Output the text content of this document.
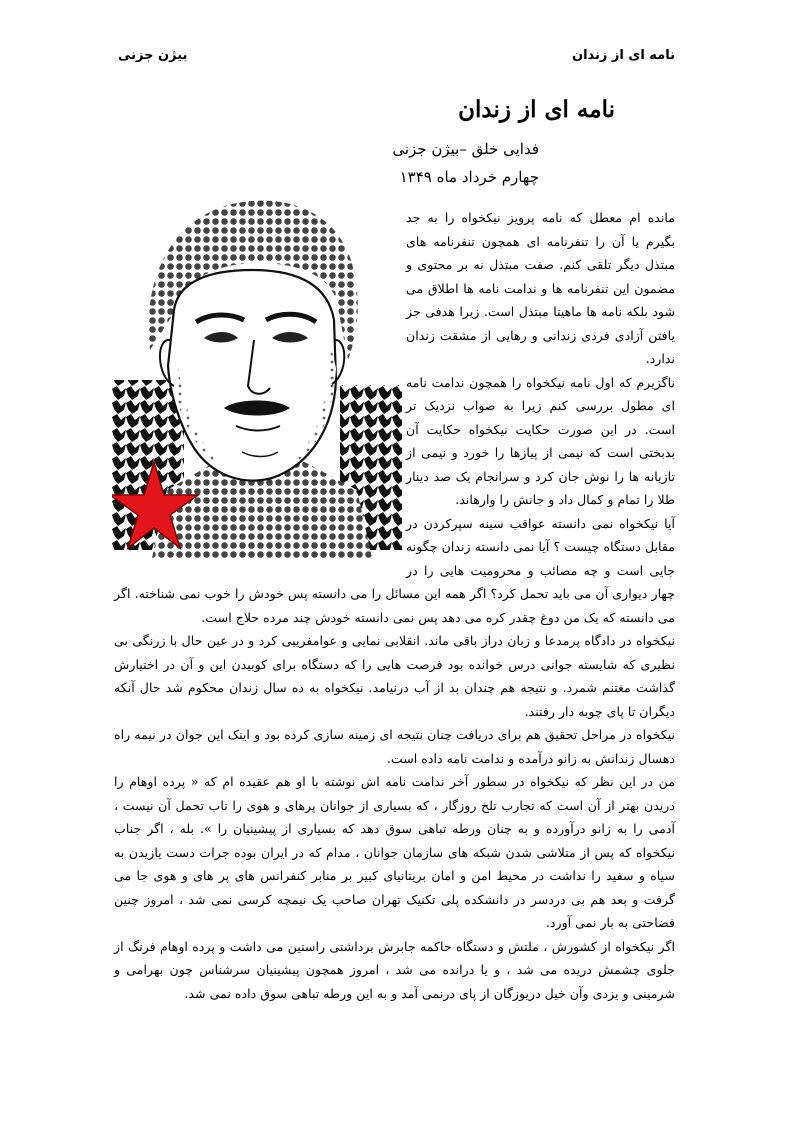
نامه ای از زندان
بیژن جزنی
نامه ای از زندان
فدایی خلق –بیژن جزنی
چهارم خرداد ماه ۱۳۴۹

مانده ام معطل که نامه پرویز نیکخواه را به جد بگیرم یا آن را تنفرنامه ای همچون تنفرنامه های مبتذل دیگر تلقی کنم. صفت مبتذل نه بر محتوی و مضمون این تنفرنامه ها و ندامت نامه ها اطلاق می شود بلکه نامه ها ماهیتا مبتذل است. زیرا هدفی جز یافتن آزادی فردی زندانی و رهایی از مشقت زندان ندارد.

ناگزیرم که اول نامه نیکخواه را همچون ندامت نامه ای مطول بررسی کنم زیرا به صواب نزدیک تر است. در این صورت حکایت نیکخواه حکایت آن بدبختی است که نیمی از پیازها را خورد و نیمی از تازیانه ها را نوش جان کرد و سرانجام یک صد دینار طلا را تمام و کمال داد و جانش را وارهاند.

آیا نیکخواه نمی دانسته عواقب سینه سپرکردن در مقابل دستگاه چیست ؟ آیا نمی دانسته زندان چگونه جایی است و چه مصائب و محرومیت هایی را در چهار دیواری آن می باید تحمل کرد؟ اگر همه این مسائل را می دانسته پس خودش را خوب نمی شناخته. اگر می دانسته که یک من دوغ چقدر کره می دهد پس نمی دانسته خودش چند مرده حلاج است.

نیکخواه در دادگاه پرمدعا و زبان دراز باقی ماند. انقلابی نمایی و عوامفریبی کرد و در عین حال با زرنگی بی نظیری که شایسته جوانی درس خوانده بود فرصت هایی را که دستگاه برای کوبیدن این و آن در اختیارش گذاشت مغتنم شمرد. و نتیجه هم چندان بد از آب درنیامد. نیکخواه به ده سال زندان محکوم شد حال آنکه دیگران تا پای چوبه دار رفتند.

نیکخواه در مراحل تحقیق هم برای دریافت چنان نتیجه ای زمینه سازی کرده بود و اینک این جوان در نیمه راه دهسال زندانش به زانو درآمده و ندامت نامه داده است.

من در این نظر که نیکخواه در سطور آخر ندامت نامه اش نوشته با او هم عقیده ام که « پرده اوهام را دریدن بهتر از آن است که تجارب تلخ روزگار ، که بسیاری از جوانان پرهای و هوی را تاب تحمل آن نیست ، آدمی را به زانو درآورده و به چنان ورطه تباهی سوق دهد که بسیاری از پیشینیان را ». بله ، اگر جناب نیکخواه که پس از متلاشی شدن شبکه های سازمان جوانان ، مدام که در ایران بوده جرات دست یازیدن به سیاه و سفید را نداشت در محیط امن و امان بریتانیای کبیر بر منابر کنفرانس های پر های و هوی جا می گرفت و بعد هم بی دردسر در دانشکده پلی تکنیک تهران صاحب یک نیمچه کرسی نمی شد ، امروز چنین فضاحتی به بار نمی آورد.

اگر نیکخواه از کشورش ، ملتش و دستگاه حاکمه جابرش برداشتی راستین می داشت و پرده اوهام فرنگ از جلوی چشمش دریده می شد ، و یا درانده می شد ، امروز همچون پیشینیان سرشناس چون بهرامی و شرمینی و یزدی وآن خیل دریوزگان از پای درنمی آمد و به این ورطه تباهی سوق داده نمی شد.
